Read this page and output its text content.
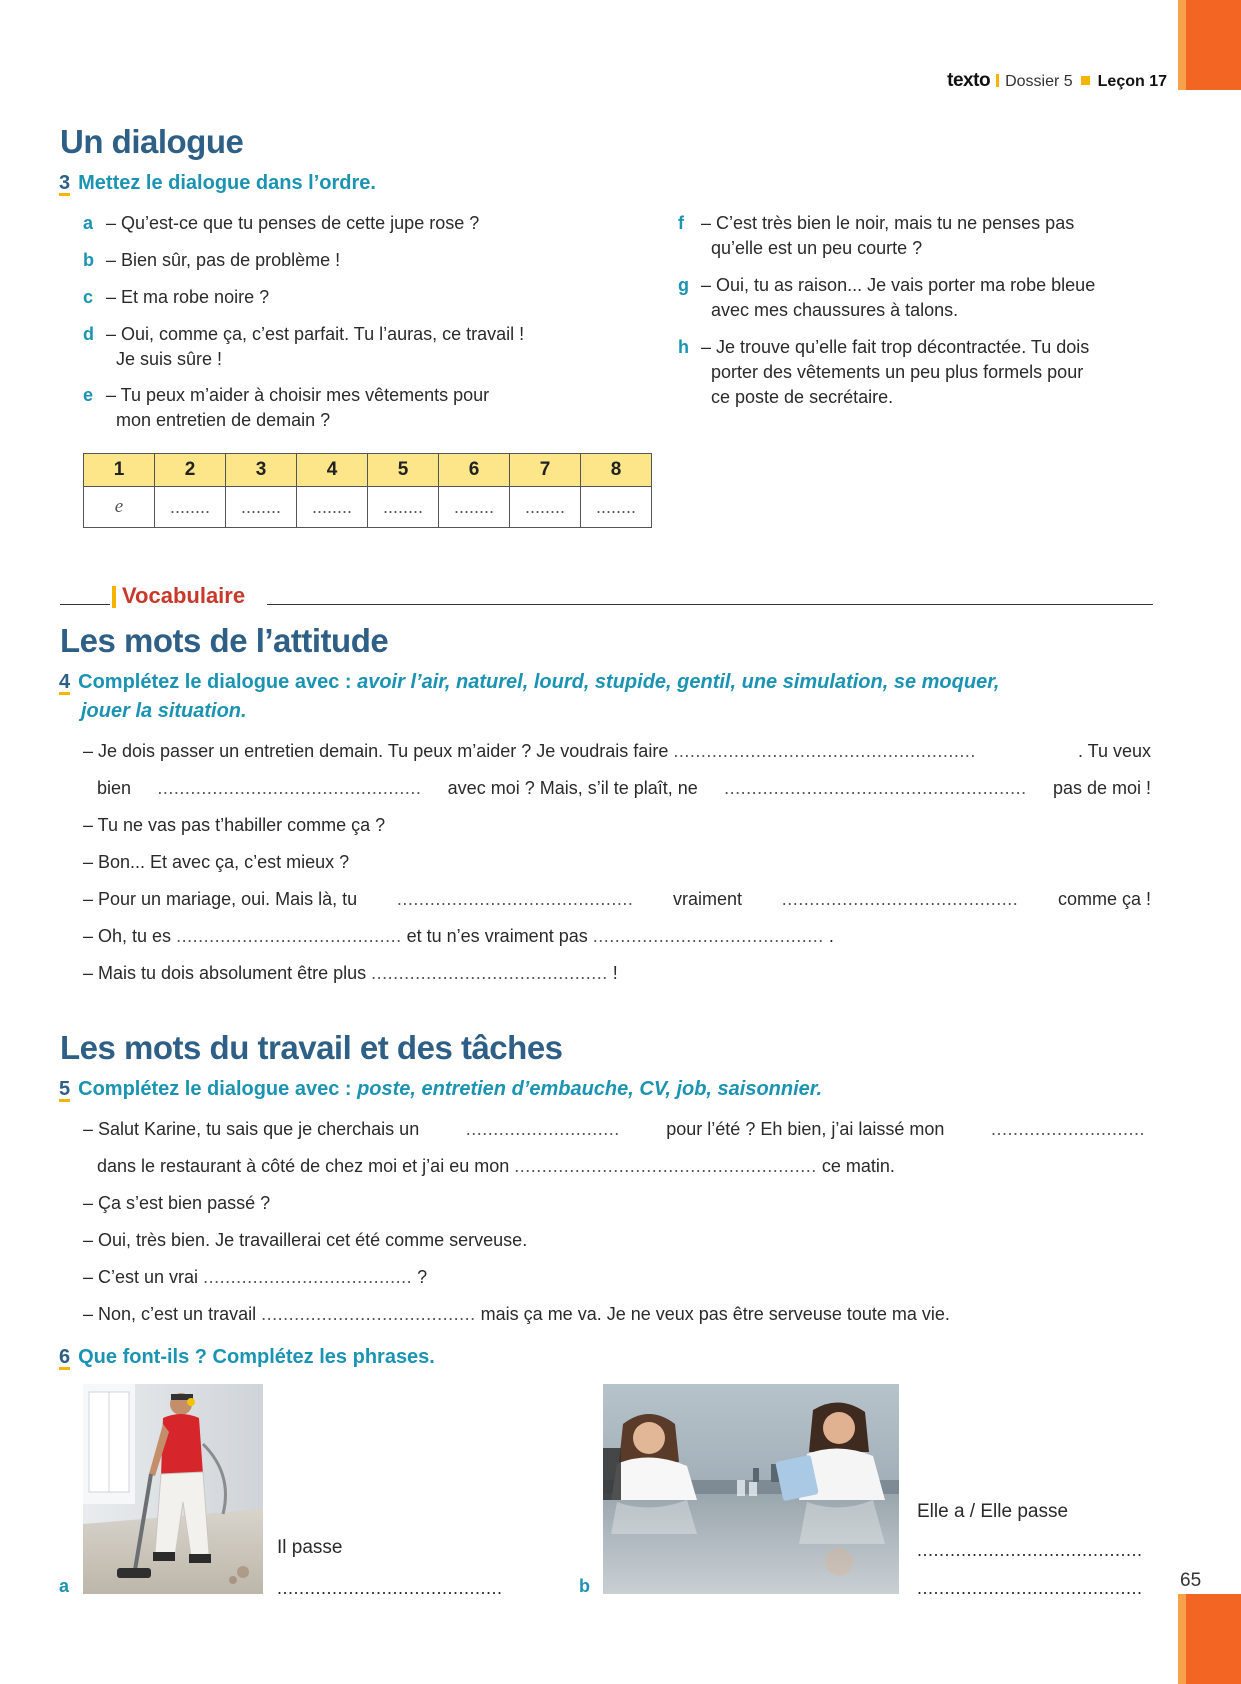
texto Dossier 5 Leçon 17
Un dialogue
3 Mettez le dialogue dans l’ordre.
a – Qu’est-ce que tu penses de cette jupe rose ?
b – Bien sûr, pas de problème !
c – Et ma robe noire ?
d – Oui, comme ça, c’est parfait. Tu l’auras, ce travail !
Je suis sûre !
e – Tu peux m’aider à choisir mes vêtements pour
mon entretien de demain ?
f – C’est très bien le noir, mais tu ne penses pas
qu’elle est un peu courte ?
g – Oui, tu as raison... Je vais porter ma robe bleue
avec mes chaussures à talons.
h – Je trouve qu’elle fait trop décontractée. Tu dois
porter des vêtements un peu plus formels pour
ce poste de secrétaire.
1	2	3	4	5	6	7	8
e	........	........	........	........	........	........	........
Vocabulaire
Les mots de l’attitude
4 Complétez le dialogue avec : avoir l’air, naturel, lourd, stupide, gentil, une simulation, se moquer,
jouer la situation.
– Je dois passer un entretien demain. Tu peux m’aider ? Je voudrais faire .......................................................	. Tu veux
bien ................................................ avec moi ? Mais, s’il te plaît, ne ....................................................... pas de moi !
– Tu ne vas pas t’habiller comme ça ?
– Bon... Et avec ça, c’est mieux ?
– Pour un mariage, oui. Mais là, tu ........................................... vraiment ........................................... comme ça !
– Oh, tu es ......................................... et tu n’es vraiment pas .......................................... .
– Mais tu dois absolument être plus ........................................... !
Les mots du travail et des tâches
5 Complétez le dialogue avec : poste, entretien d’embauche, CV, job, saisonnier.
– Salut Karine, tu sais que je cherchais un	............................	pour l’été ? Eh bien, j’ai laissé mon	............................
dans le restaurant à côté de chez moi et j’ai eu mon ....................................................... ce matin.
– Ça s’est bien passé ?
– Oui, très bien. Je travaillerai cet été comme serveuse.
– C’est un vrai ...................................... ?
– Non, c’est un travail ....................................... mais ça me va. Je ne veux pas être serveuse toute ma vie.
6 Que font-ils ? Complétez les phrases.
a
Il passe
.........................................	b
Elle a / Elle passe
.........................................
......................................... 65
